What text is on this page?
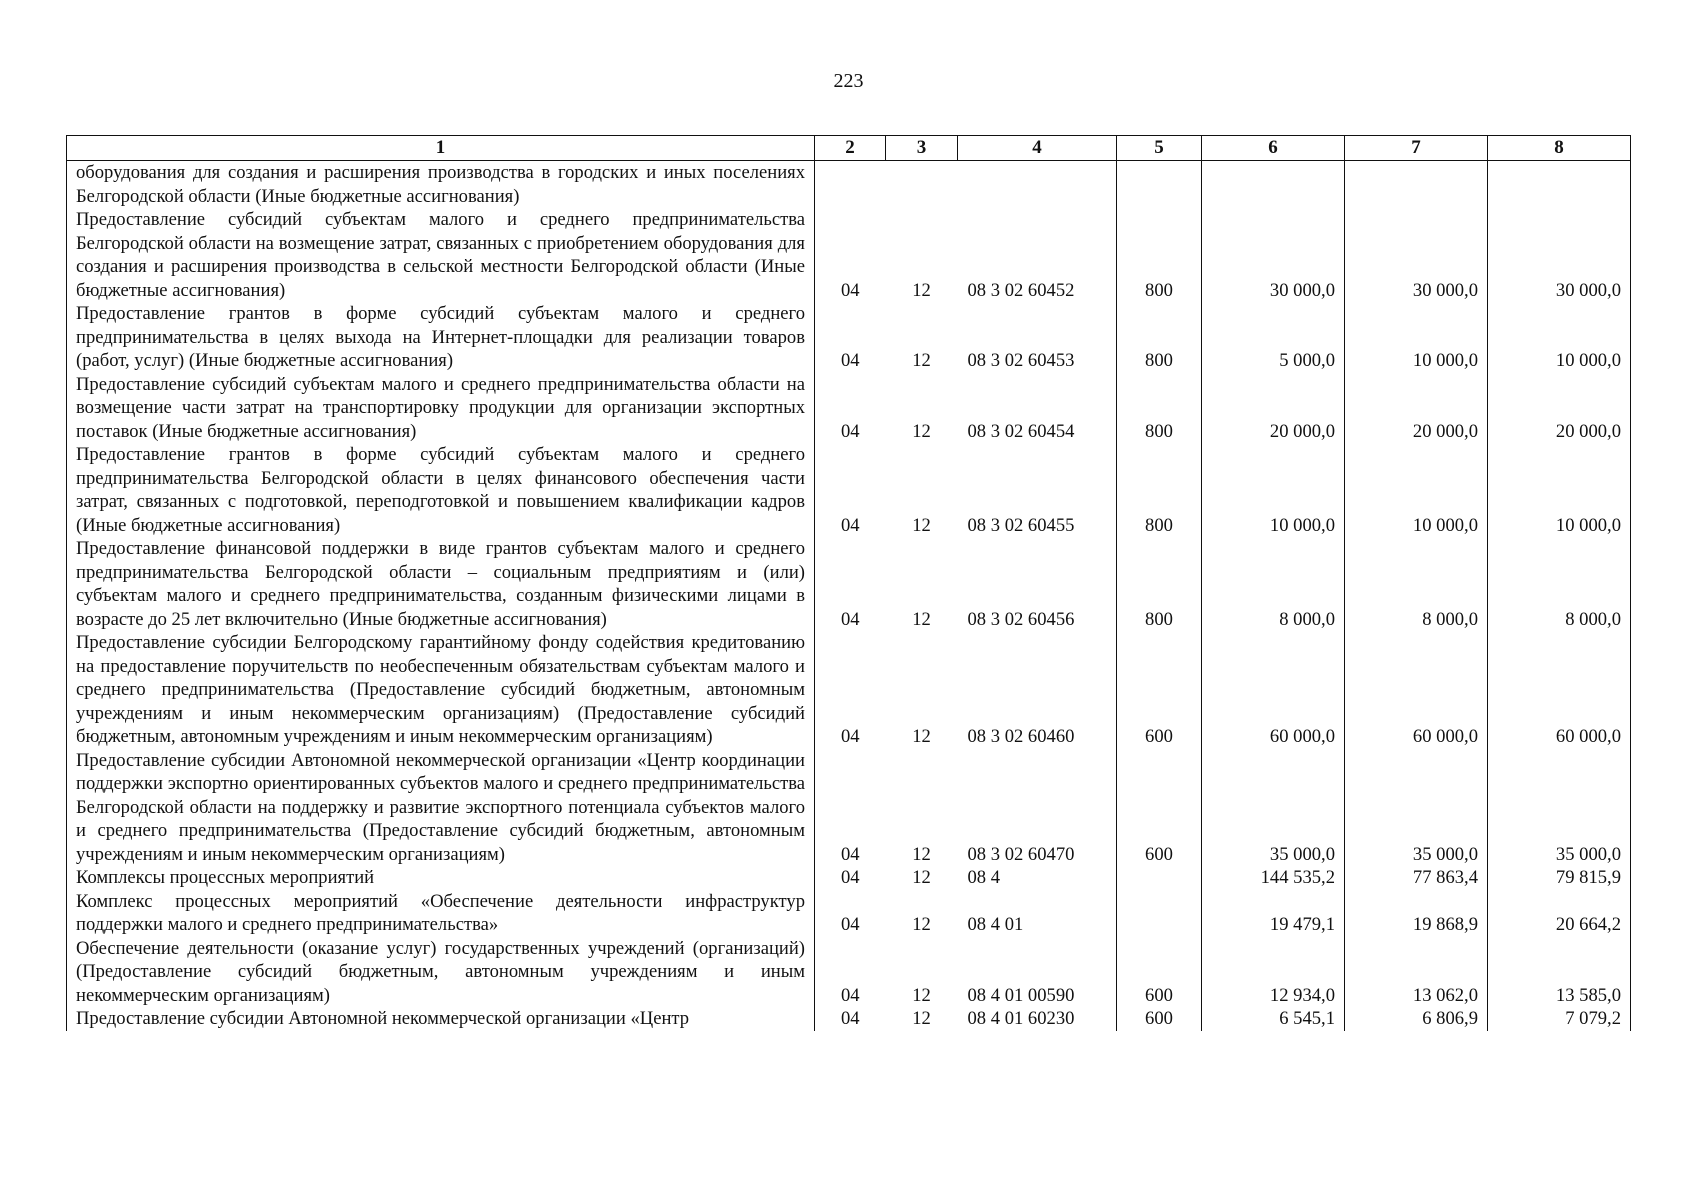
223
1	2	3	4	5	6	7	8
оборудования для создания и расширения производства в городских и иных поселениях Белгородской области (Иные бюджетные ассигнования)							
Предоставление субсидий субъектам малого и среднего предпринимательства Белгородской области на возмещение затрат, связанных с приобретением оборудования для создания и расширения производства в сельской местности Белгородской области (Иные бюджетные ассигнования)	04	12	08 3 02 60452	800	30 000,0	30 000,0	30 000,0
Предоставление грантов в форме субсидий субъектам малого и среднего предпринимательства в целях выхода на Интернет-площадки для реализации товаров (работ, услуг) (Иные бюджетные ассигнования)	04	12	08 3 02 60453	800	5 000,0	10 000,0	10 000,0
Предоставление субсидий субъектам малого и среднего предпринимательства области на возмещение части затрат на транспортировку продукции для организации экспортных поставок (Иные бюджетные ассигнования)	04	12	08 3 02 60454	800	20 000,0	20 000,0	20 000,0
Предоставление грантов в форме субсидий субъектам малого и среднего предпринимательства Белгородской области в целях финансового обеспечения части затрат, связанных с подготовкой, переподготовкой и повышением квалификации кадров (Иные бюджетные ассигнования)	04	12	08 3 02 60455	800	10 000,0	10 000,0	10 000,0
Предоставление финансовой поддержки в виде грантов субъектам малого и среднего предпринимательства Белгородской области – социальным предприятиям и (или) субъектам малого и среднего предпринимательства, созданным физическими лицами в возрасте до 25 лет включительно (Иные бюджетные ассигнования)	04	12	08 3 02 60456	800	8 000,0	8 000,0	8 000,0
Предоставление субсидии Белгородскому гарантийному фонду содействия кредитованию на предоставление поручительств по необеспеченным обязательствам субъектам малого и среднего предпринимательства (Предоставление субсидий бюджетным, автономным учреждениям и иным некоммерческим организациям) (Предоставление субсидий бюджетным, автономным учреждениям и иным некоммерческим организациям)	04	12	08 3 02 60460	600	60 000,0	60 000,0	60 000,0
Предоставление субсидии Автономной некоммерческой организации «Центр координации поддержки экспортно ориентированных субъектов малого и среднего предпринимательства Белгородской области на поддержку и развитие экспортного потенциала субъектов малого и среднего предпринимательства (Предоставление субсидий бюджетным, автономным учреждениям и иным некоммерческим организациям)	04	12	08 3 02 60470	600	35 000,0	35 000,0	35 000,0
Комплексы процессных мероприятий	04	12	08 4		144 535,2	77 863,4	79 815,9
Комплекс процессных мероприятий «Обеспечение деятельности инфраструктур поддержки малого и среднего предпринимательства»	04	12	08 4 01		19 479,1	19 868,9	20 664,2
Обеспечение деятельности (оказание услуг) государственных учреждений (организаций) (Предоставление субсидий бюджетным, автономным учреждениям и иным некоммерческим организациям)	04	12	08 4 01 00590	600	12 934,0	13 062,0	13 585,0
Предоставление субсидии Автономной некоммерческой организации «Центр	04	12	08 4 01 60230	600	6 545,1	6 806,9	7 079,2
